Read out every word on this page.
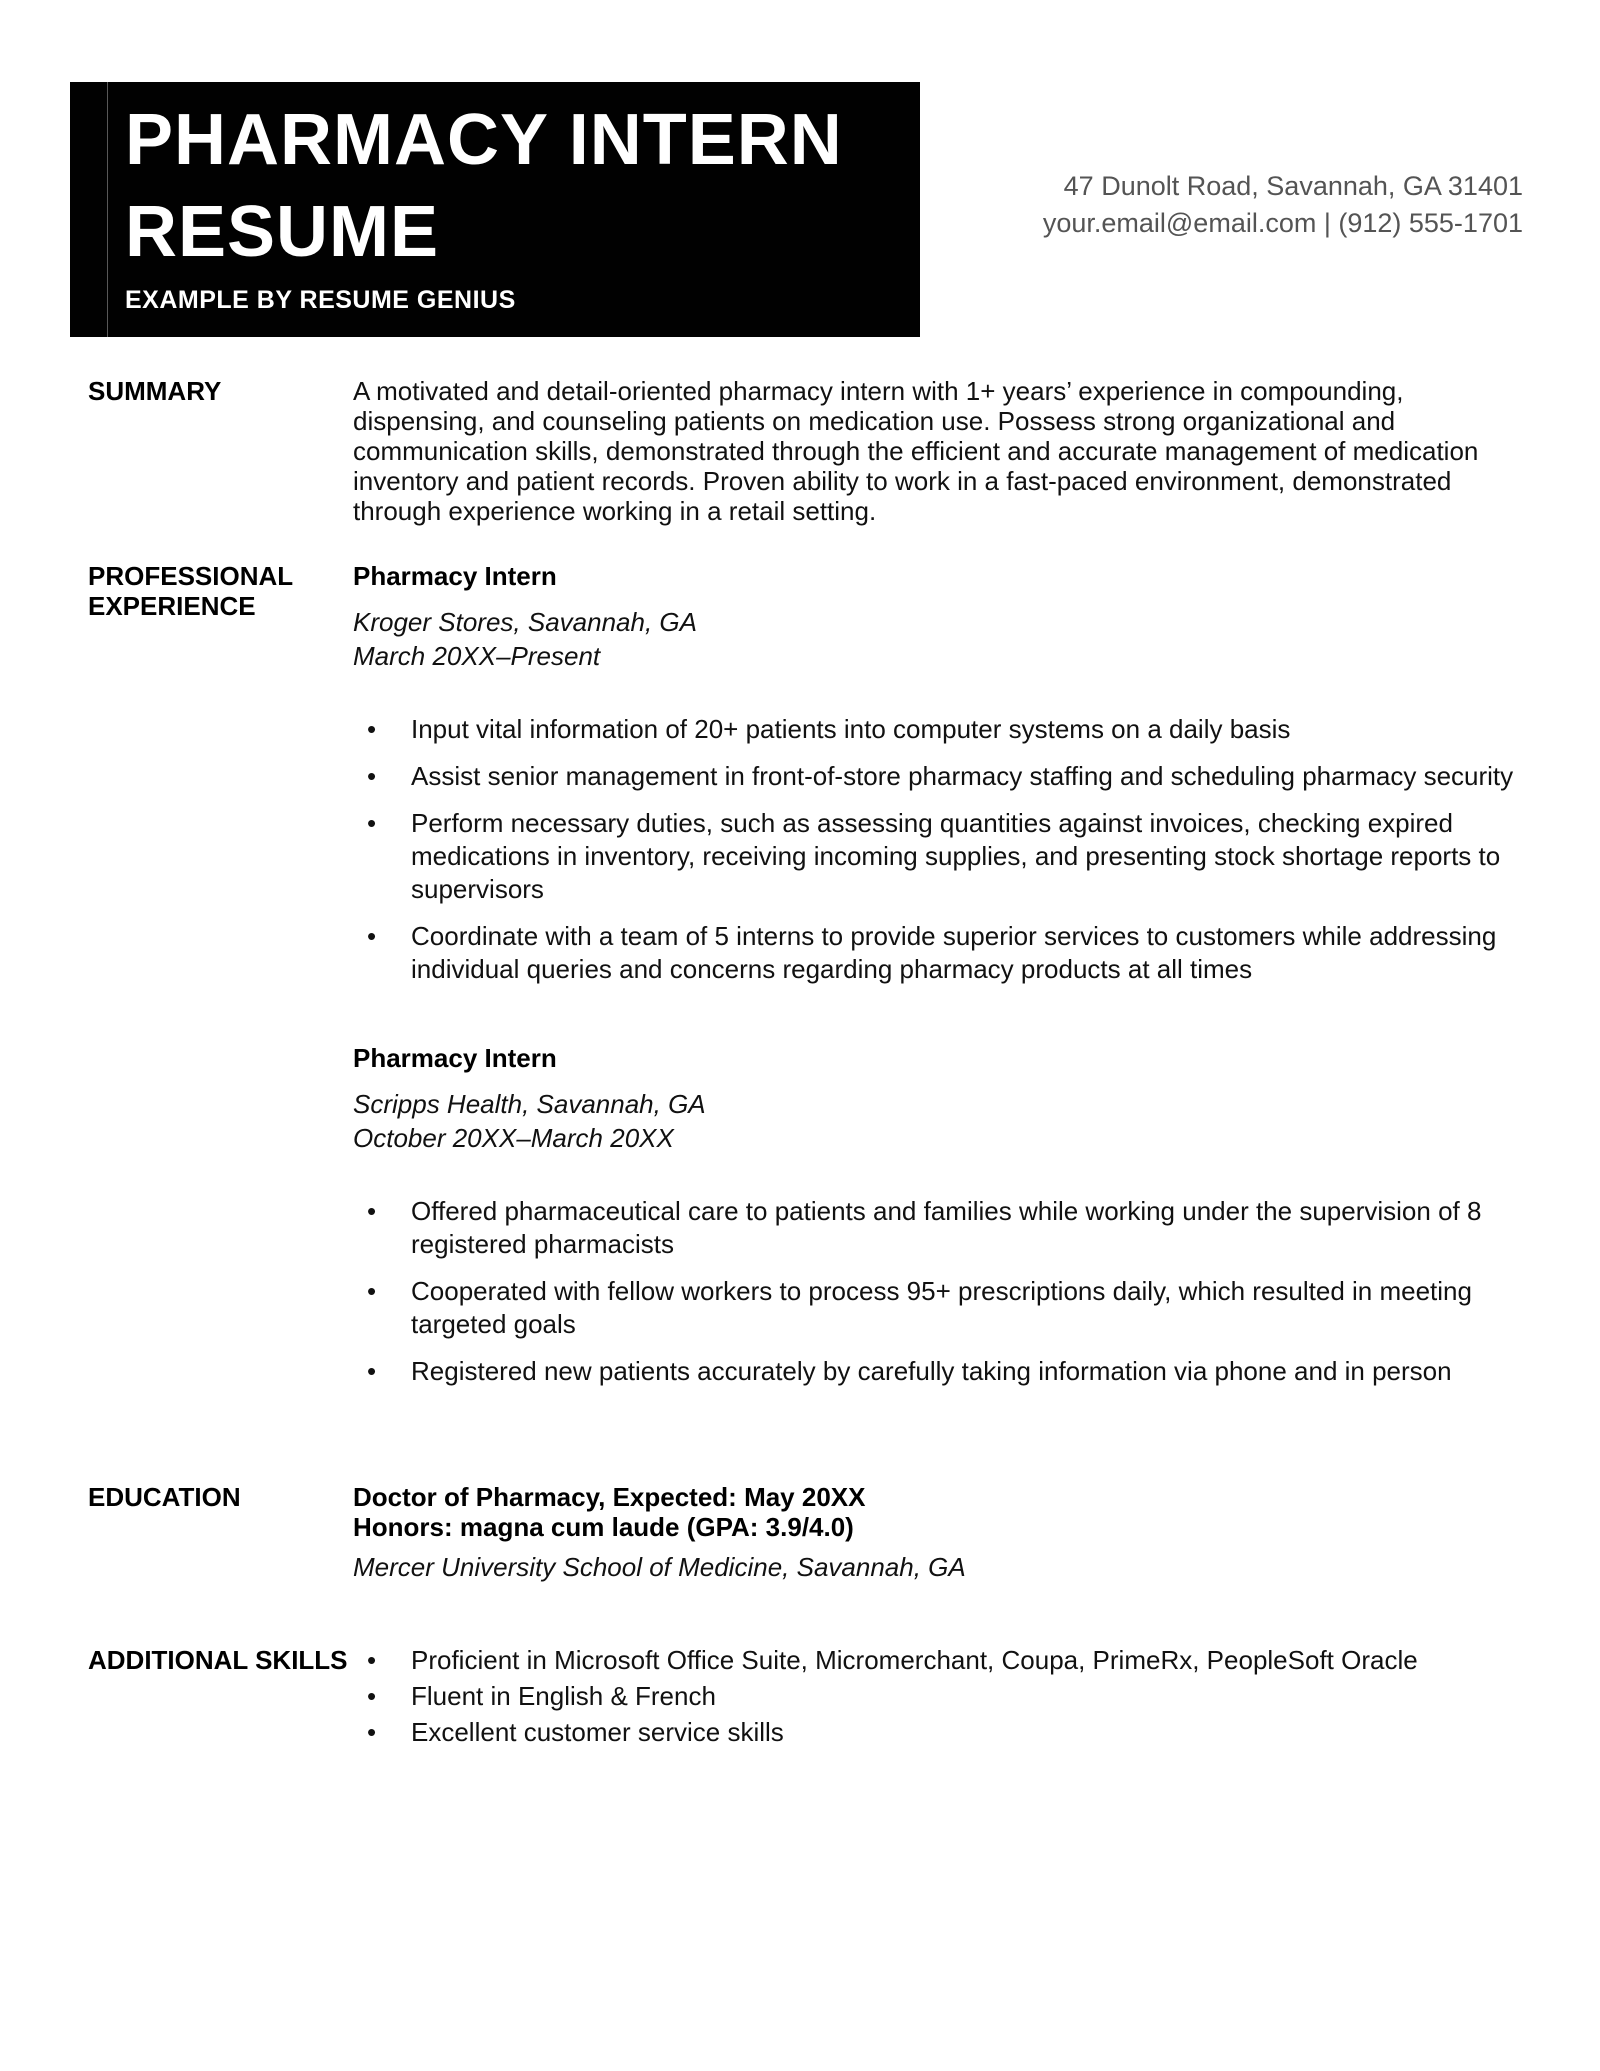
PHARMACY INTERN
RESUME
EXAMPLE BY RESUME GENIUS
47 Dunolt Road, Savannah, GA 31401
your.email@email.com | (912) 555-1701
SUMMARY	A motivated and detail-oriented pharmacy intern with 1+ years’ experience in compounding, dispensing, and counseling patients on medication use. Possess strong organizational and communication skills, demonstrated through the efficient and accurate management of medication inventory and patient records. Proven ability to work in a fast-paced environment, demonstrated through experience working in a retail setting.

PROFESSIONAL EXPERIENCE
Pharmacy Intern
Kroger Stores, Savannah, GA
March 20XX–Present
• Input vital information of 20+ patients into computer systems on a daily basis
• Assist senior management in front-of-store pharmacy staffing and scheduling pharmacy security
• Perform necessary duties, such as assessing quantities against invoices, checking expired medications in inventory, receiving incoming supplies, and presenting stock shortage reports to supervisors
• Coordinate with a team of 5 interns to provide superior services to customers while addressing individual queries and concerns regarding pharmacy products at all times
Pharmacy Intern
Scripps Health, Savannah, GA
October 20XX–March 20XX
• Offered pharmaceutical care to patients and families while working under the supervision of 8 registered pharmacists
• Cooperated with fellow workers to process 95+ prescriptions daily, which resulted in meeting targeted goals
• Registered new patients accurately by carefully taking information via phone and in person
EDUCATION	Doctor of Pharmacy, Expected: May 20XX
Honors: magna cum laude (GPA: 3.9/4.0)
Mercer University School of Medicine, Savannah, GA
ADDITIONAL SKILLS • Proficient in Microsoft Office Suite, Micromerchant, Coupa, PrimeRx, PeopleSoft Oracle
• Fluent in English & French
• Excellent customer service skills
